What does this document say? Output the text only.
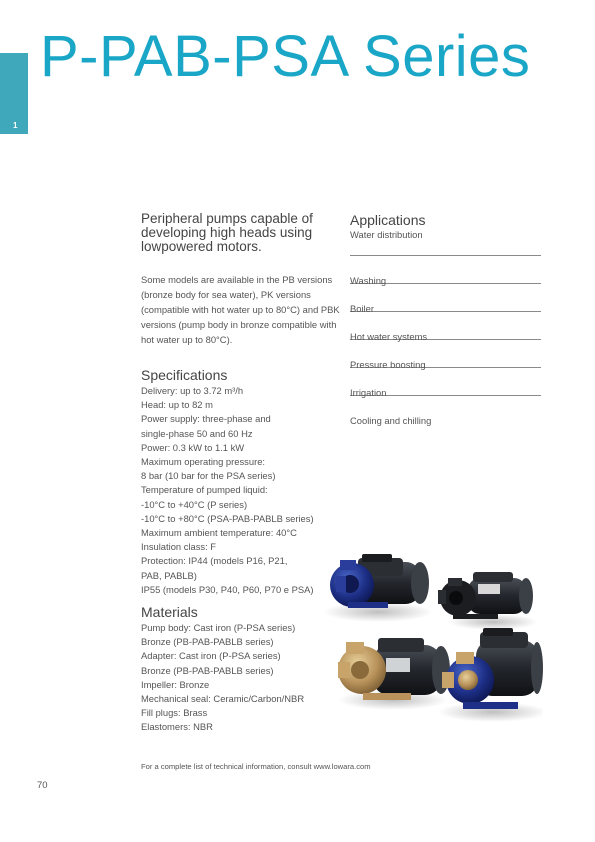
1
P-PAB-PSA Series
Peripheral pumps capable of developing high heads using lowpowered motors.

Some models are available in the PB versions (bronze body for sea water), PK versions (compatible with hot water up to 80°C) and PBK versions (pump body in bronze compatible with hot water up to 80°C).

Specifications
Delivery: up to 3.72 m³/h
Head: up to 82 m
Power supply: three-phase and
single-phase 50 and 60 Hz
Power: 0.3 kW to 1.1 kW
Maximum operating pressure:
8 bar (10 bar for the PSA series)
Temperature of pumped liquid:
-10°C to +40°C (P series)
-10°C to +80°C (PSA-PAB-PABLB series)
Maximum ambient temperature: 40°C
Insulation class: F
Protection: IP44 (models P16, P21,
PAB, PABLB)
IP55 (models P30, P40, P60, P70 e PSA)
Materials
Pump body: Cast iron (P-PSA series)
Bronze (PB-PAB-PABLB series)
Adapter: Cast iron (P-PSA series)
Bronze (PB-PAB-PABLB series)
Impeller: Bronze
Mechanical seal: Ceramic/Carbon/NBR
Fill plugs: Brass
Elastomers: NBR
Applications
Water distribution
Washing
Boiler
Hot water systems
Pressure boosting
Irrigation
Cooling and chilling
For a complete list of technical information, consult www.lowara.com
70
